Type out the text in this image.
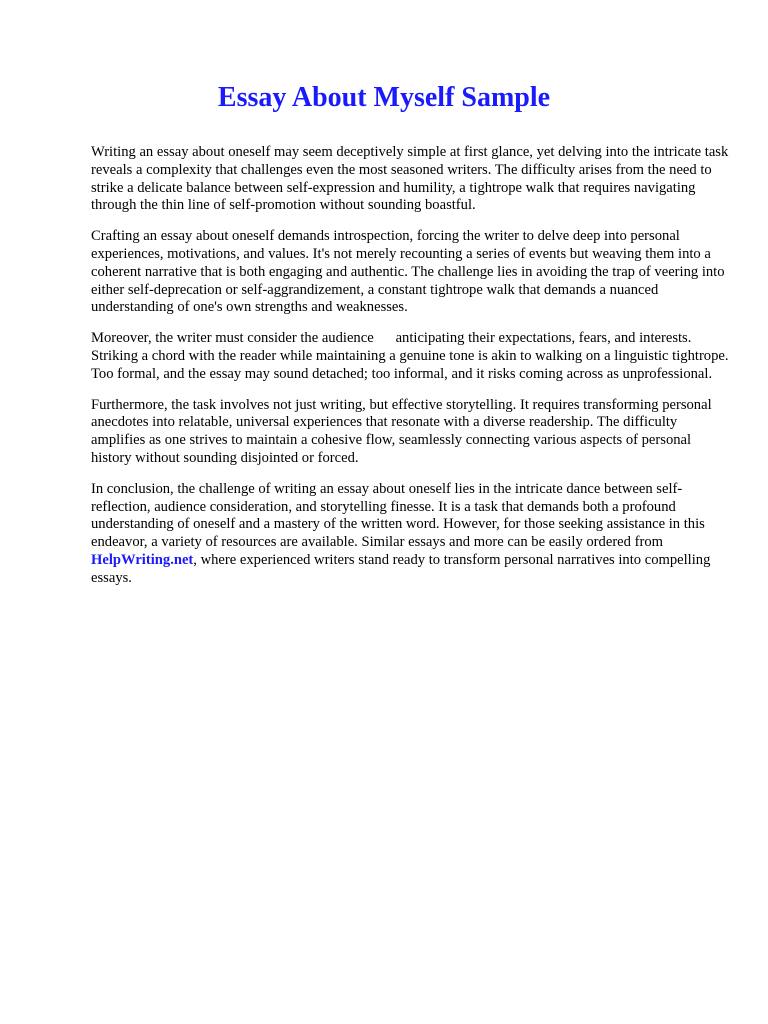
Essay About Myself Sample

Writing an essay about oneself may seem deceptively simple at first glance, yet delving into the intricate task reveals a complexity that challenges even the most seasoned writers. The difficulty arises from the need to strike a delicate balance between self-expression and humility, a tightrope walk that requires navigating through the thin line of self-promotion without sounding boastful.

Crafting an essay about oneself demands introspection, forcing the writer to delve deep into personal experiences, motivations, and values. It's not merely recounting a series of events but weaving them into a coherent narrative that is both engaging and authentic. The challenge lies in avoiding the trap of veering into either self-deprecation or self-aggrandizement, a constant tightrope walk that demands a nuanced understanding of one's own strengths and weaknesses.

Moreover, the writer must consider the audience      anticipating their expectations, fears, and interests. Striking a chord with the reader while maintaining a genuine tone is akin to walking on a linguistic tightrope. Too formal, and the essay may sound detached; too informal, and it risks coming across as unprofessional.

Furthermore, the task involves not just writing, but effective storytelling. It requires transforming personal anecdotes into relatable, universal experiences that resonate with a diverse readership. The difficulty amplifies as one strives to maintain a cohesive flow, seamlessly connecting various aspects of personal history without sounding disjointed or forced.

In conclusion, the challenge of writing an essay about oneself lies in the intricate dance between self-reflection, audience consideration, and storytelling finesse. It is a task that demands both a profound understanding of oneself and a mastery of the written word. However, for those seeking assistance in this endeavor, a variety of resources are available. Similar essays and more can be easily ordered from HelpWriting.net, where experienced writers stand ready to transform personal narratives into compelling essays.
